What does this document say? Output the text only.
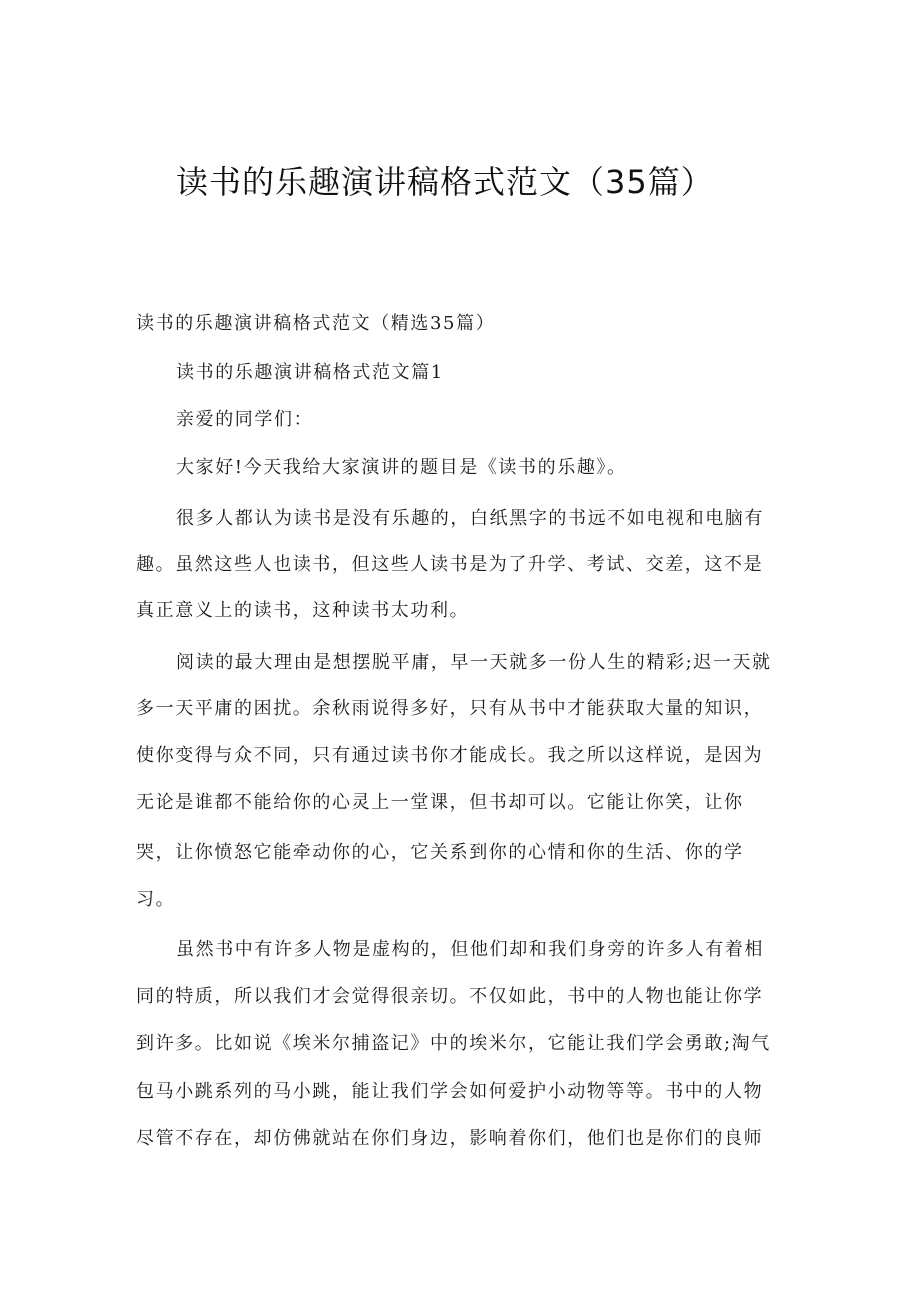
读书的乐趣演讲稿格式范文（35篇）
读书的乐趣演讲稿格式范文（精选35篇）
读书的乐趣演讲稿格式范文篇1
亲爱的同学们：
大家好!今天我给大家演讲的题目是《读书的乐趣》。
很多人都认为读书是没有乐趣的，白纸黑字的书远不如电视和电脑有
趣。虽然这些人也读书，但这些人读书是为了升学、考试、交差，这不是
真正意义上的读书，这种读书太功利。
阅读的最大理由是想摆脱平庸，早一天就多一份人生的精彩;迟一天就
多一天平庸的困扰。余秋雨说得多好，只有从书中才能获取大量的知识，
使你变得与众不同，只有通过读书你才能成长。我之所以这样说，是因为
无论是谁都不能给你的心灵上一堂课，但书却可以。它能让你笑，让你
哭，让你愤怒它能牵动你的心，它关系到你的心情和你的生活、你的学
习。
虽然书中有许多人物是虚构的，但他们却和我们身旁的许多人有着相
同的特质，所以我们才会觉得很亲切。不仅如此，书中的人物也能让你学
到许多。比如说《埃米尔捕盗记》中的埃米尔，它能让我们学会勇敢;淘气
包马小跳系列的马小跳，能让我们学会如何爱护小动物等等。书中的人物
尽管不存在，却仿佛就站在你们身边，影响着你们，他们也是你们的良师
